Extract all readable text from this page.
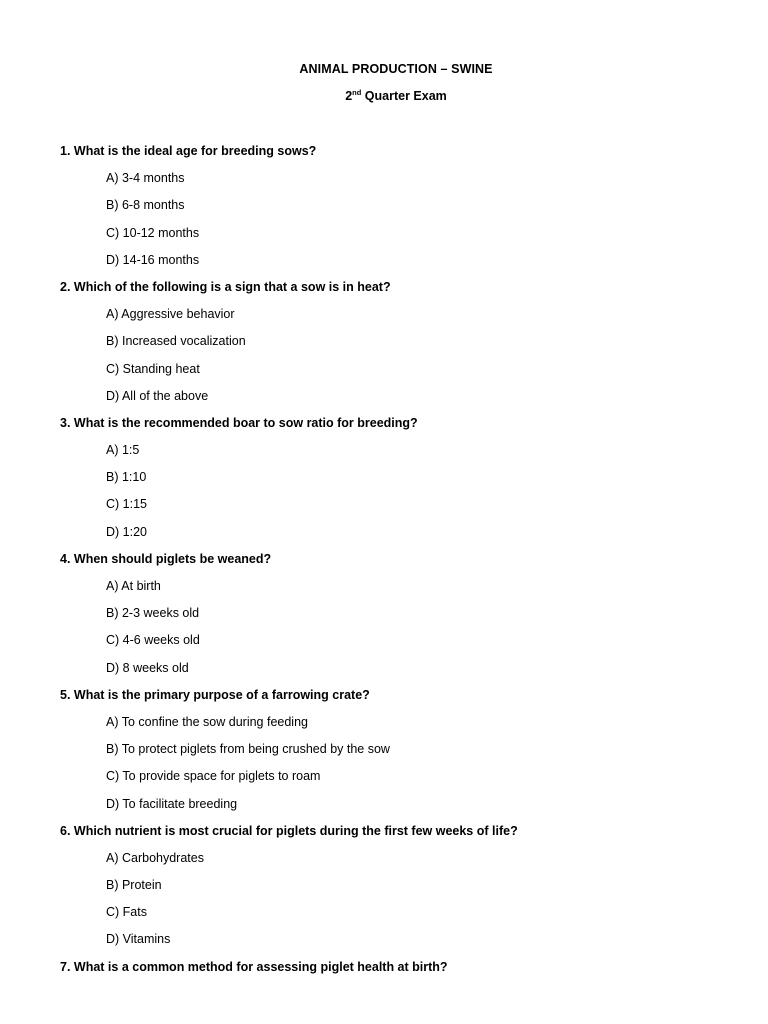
ANIMAL PRODUCTION – SWINE
2nd Quarter Exam
1. What is the ideal age for breeding sows?
A) 3-4 months
B) 6-8 months
C) 10-12 months
D) 14-16 months
2. Which of the following is a sign that a sow is in heat?
A) Aggressive behavior
B) Increased vocalization
C) Standing heat
D) All of the above
3. What is the recommended boar to sow ratio for breeding?
A) 1:5
B) 1:10
C) 1:15
D) 1:20
4. When should piglets be weaned?
A) At birth
B) 2-3 weeks old
C) 4-6 weeks old
D) 8 weeks old
5. What is the primary purpose of a farrowing crate?
A) To confine the sow during feeding
B) To protect piglets from being crushed by the sow
C) To provide space for piglets to roam
D) To facilitate breeding
6. Which nutrient is most crucial for piglets during the first few weeks of life?
A) Carbohydrates
B) Protein
C) Fats
D) Vitamins
7. What is a common method for assessing piglet health at birth?
